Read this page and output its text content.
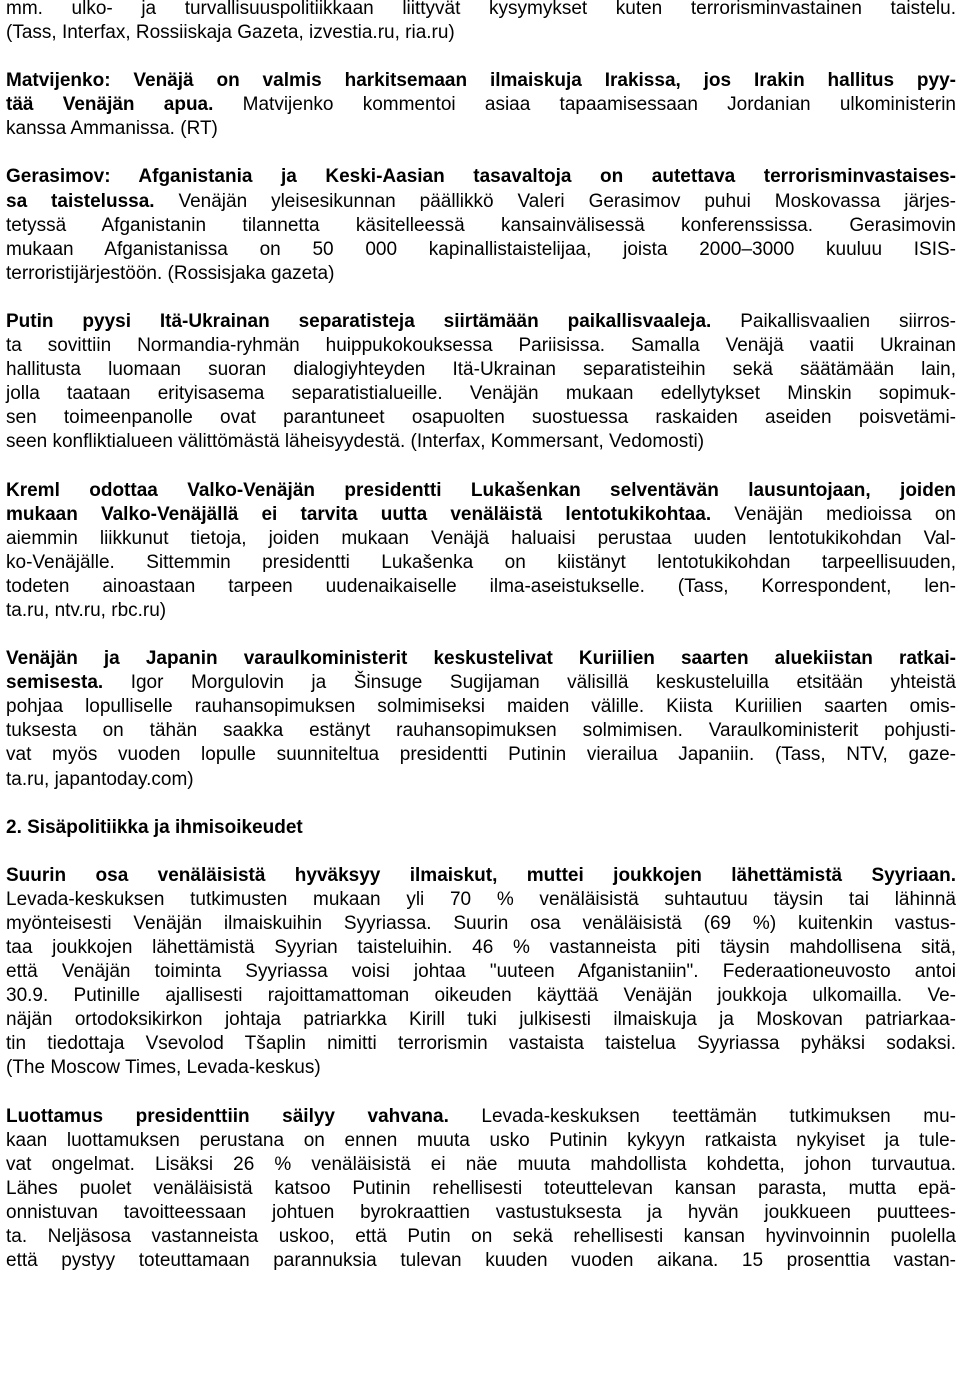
mm. ulko- ja turvallisuuspolitiikkaan liittyvät kysymykset kuten terrorisminvastainen taistelu.
(Tass, Interfax, Rossiiskaja Gazeta, izvestia.ru, ria.ru)
Matvijenko: Venäjä on valmis harkitsemaan ilmaiskuja Irakissa, jos Irakin hallitus pyy-
tää Venäjän apua. Matvijenko kommentoi asiaa tapaamisessaan Jordanian ulkoministerin
kanssa Ammanissa. (RT)
Gerasimov: Afganistania ja Keski-Aasian tasavaltoja on autettava terrorisminvastaises-
sa taistelussa. Venäjän yleisesikunnan päällikkö Valeri Gerasimov puhui Moskovassa järjes-
tetyssä Afganistanin tilannetta käsitelleessä kansainvälisessä konferenssissa. Gerasimovin
mukaan Afganistanissa on 50 000 kapinallistaistelijaa, joista 2000–3000 kuuluu ISIS-
terroristijärjestöön. (Rossisjaka gazeta)
Putin pyysi Itä-Ukrainan separatisteja siirtämään paikallisvaaleja. Paikallisvaalien siirros-
ta sovittiin Normandia-ryhmän huippukokouksessa Pariisissa. Samalla Venäjä vaatii Ukrainan
hallitusta luomaan suoran dialogiyhteyden Itä-Ukrainan separatisteihin sekä säätämään lain,
jolla taataan erityisasema separatistialueille. Venäjän mukaan edellytykset Minskin sopimuk-
sen toimeenpanolle ovat parantuneet osapuolten suostuessa raskaiden aseiden poisvetämi-
seen konfliktialueen välittömästä läheisyydestä. (Interfax, Kommersant, Vedomosti)
Kreml odottaa Valko-Venäjän presidentti Lukašenkan selventävän lausuntojaan, joiden
mukaan Valko-Venäjällä ei tarvita uutta venäläistä lentotukikohtaa. Venäjän medioissa on
aiemmin liikkunut tietoja, joiden mukaan Venäjä haluaisi perustaa uuden lentotukikohdan Val-
ko-Venäjälle. Sittemmin presidentti Lukašenka on kiistänyt lentotukikohdan tarpeellisuuden,
todeten ainoastaan tarpeen uudenaikaiselle ilma-aseistukselle. (Tass, Korrespondent, len-
ta.ru, ntv.ru, rbc.ru)
Venäjän ja Japanin varaulkoministerit keskustelivat Kuriilien saarten aluekiistan ratkai-
semisesta. Igor Morgulovin ja Šinsuge Sugijaman välisillä keskusteluilla etsitään yhteistä
pohjaa lopulliselle rauhansopimuksen solmimiseksi maiden välille. Kiista Kuriilien saarten omis-
tuksesta on tähän saakka estänyt rauhansopimuksen solmimisen. Varaulkoministerit pohjusti-
vat myös vuoden lopulle suunniteltua presidentti Putinin vierailua Japaniin. (Tass, NTV, gaze-
ta.ru, japantoday.com)
2. Sisäpolitiikka ja ihmisoikeudet
Suurin osa venäläisistä hyväksyy ilmaiskut, muttei joukkojen lähettämistä Syyriaan.
Levada-keskuksen tutkimusten mukaan yli 70 % venäläisistä suhtautuu täysin tai lähinnä
myönteisesti Venäjän ilmaiskuihin Syyriassa. Suurin osa venäläisistä (69 %) kuitenkin vastus-
taa joukkojen lähettämistä Syyrian taisteluihin. 46 % vastanneista piti täysin mahdollisena sitä,
että Venäjän toiminta Syyriassa voisi johtaa "uuteen Afganistaniin". Federaationeuvosto antoi
30.9. Putinille ajallisesti rajoittamattoman oikeuden käyttää Venäjän joukkoja ulkomailla. Ve-
näjän ortodoksikirkon johtaja patriarkka Kirill tuki julkisesti ilmaiskuja ja Moskovan patriarkaa-
tin tiedottaja Vsevolod Tšaplin nimitti terrorismin vastaista taistelua Syyriassa pyhäksi sodaksi.
(The Moscow Times, Levada-keskus)
Luottamus presidenttiin säilyy vahvana. Levada-keskuksen teettämän tutkimuksen mu-
kaan luottamuksen perustana on ennen muuta usko Putinin kykyyn ratkaista nykyiset ja tule-
vat ongelmat. Lisäksi 26 % venäläisistä ei näe muuta mahdollista kohdetta, johon turvautua.
Lähes puolet venäläisistä katsoo Putinin rehellisesti toteuttelevan kansan parasta, mutta epä-
onnistuvan tavoitteessaan johtuen byrokraattien vastustuksesta ja hyvän joukkueen puuttees-
ta. Neljäsosa vastanneista uskoo, että Putin on sekä rehellisesti kansan hyvinvoinnin puolella
että pystyy toteuttamaan parannuksia tulevan kuuden vuoden aikana. 15 prosenttia vastan-
